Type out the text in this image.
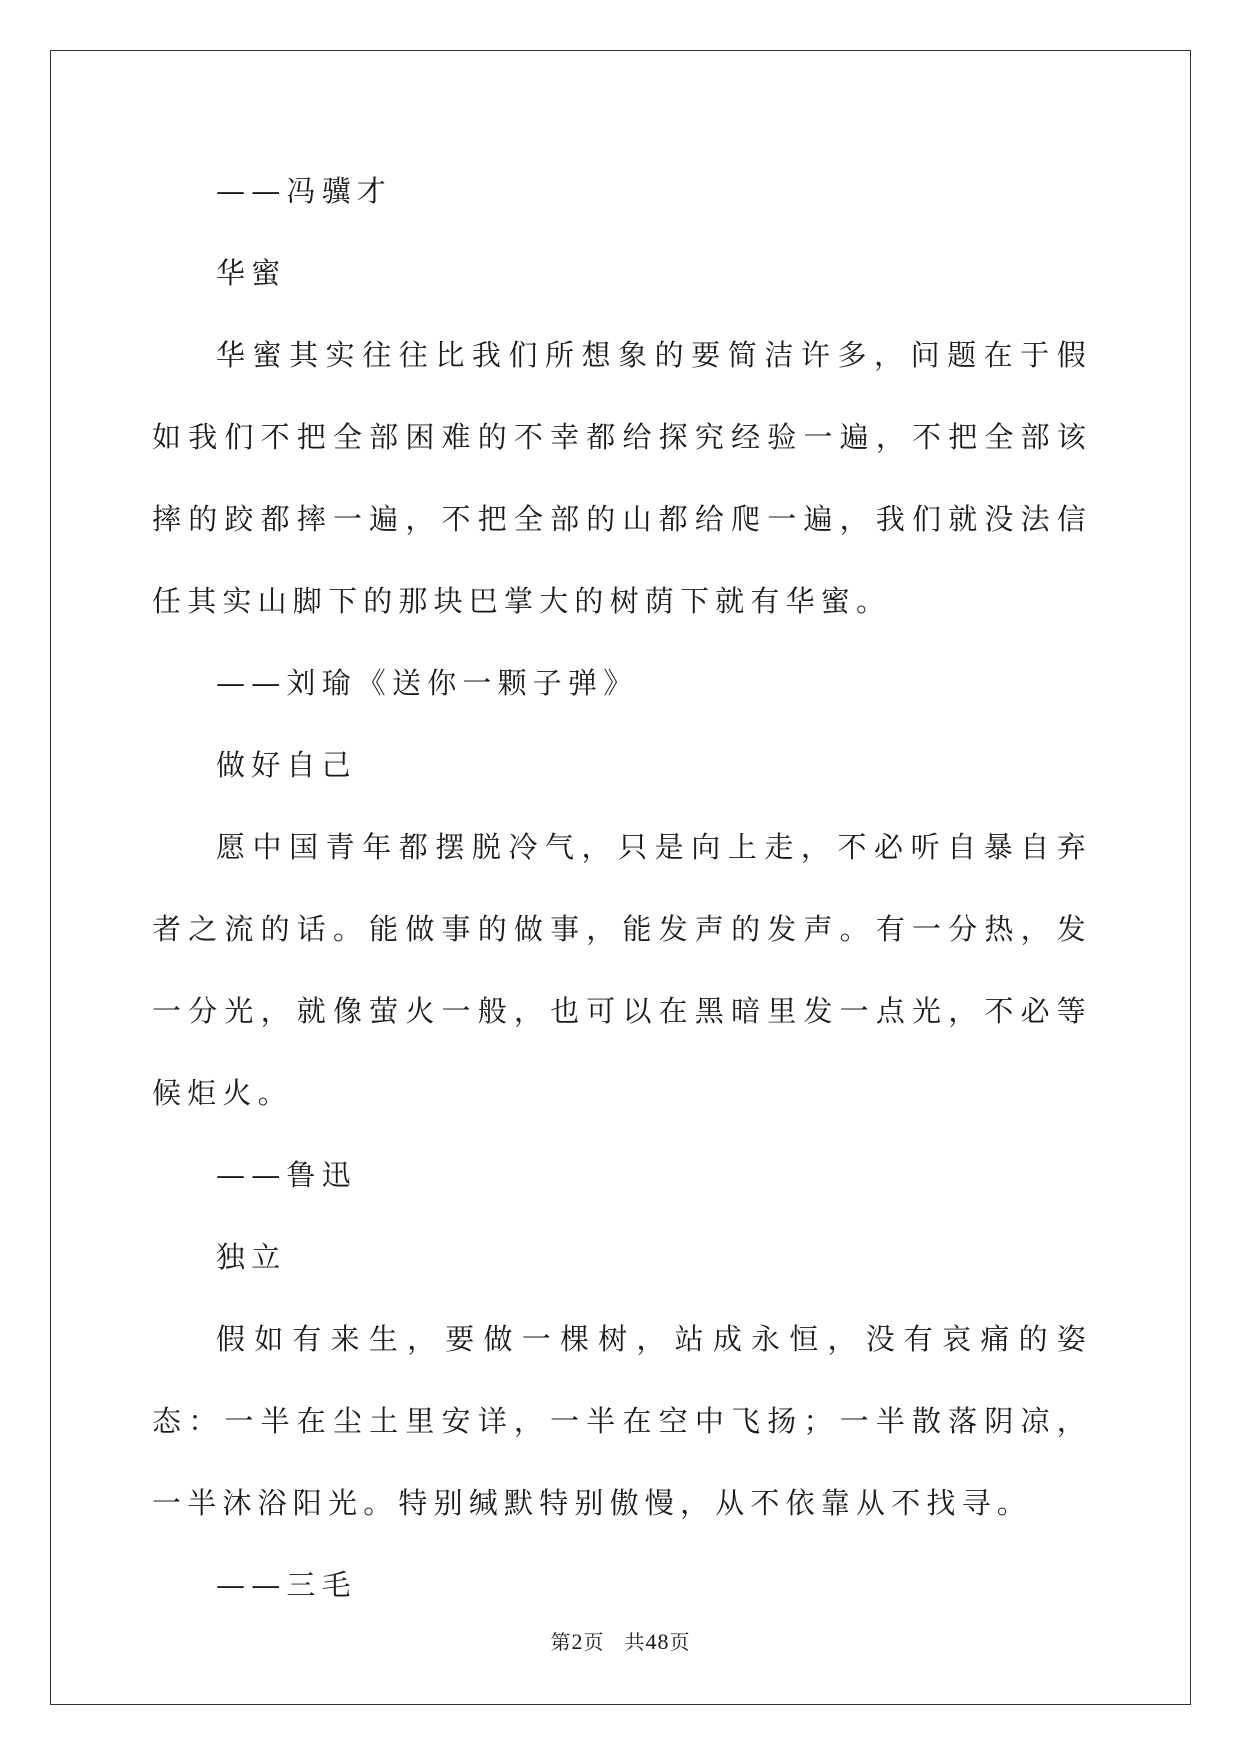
——冯骥才

华蜜

华蜜其实往往比我们所想象的要简洁许多，问题在于假如我们不把全部困难的不幸都给探究经验一遍，不把全部该摔的跤都摔一遍，不把全部的山都给爬一遍，我们就没法信任其实山脚下的那块巴掌大的树荫下就有华蜜。

——刘瑜《送你一颗子弹》

做好自己

愿中国青年都摆脱冷气，只是向上走，不必听自暴自弃者之流的话。能做事的做事，能发声的发声。有一分热，发一分光，就像萤火一般，也可以在黑暗里发一点光，不必等候炬火。

——鲁迅

独立

假如有来生，要做一棵树，站成永恒，没有哀痛的姿态：一半在尘土里安详，一半在空中飞扬；一半散落阴凉，一半沐浴阳光。特别缄默特别傲慢，从不依靠从不找寻。

——三毛

第2页 共48页
